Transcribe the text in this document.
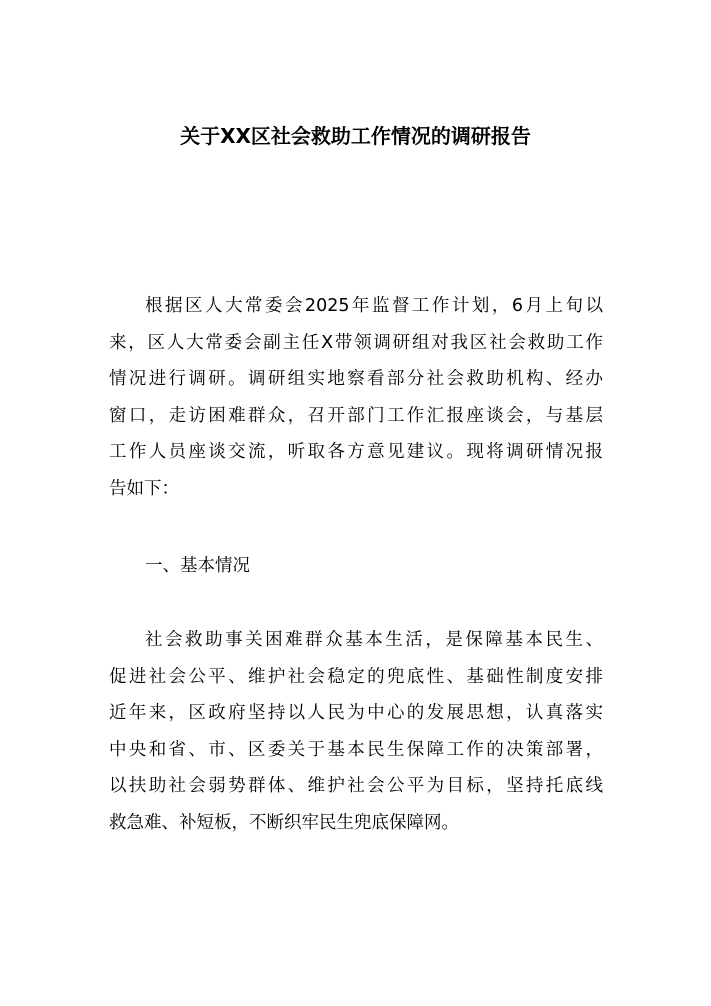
关于XX区社会救助工作情况的调研报告
根据区人大常委会2025年监督工作计划，6月上旬以
来，区人大常委会副主任X带领调研组对我区社会救助工作
情况进行调研。调研组实地察看部分社会救助机构、经办
窗口，走访困难群众，召开部门工作汇报座谈会，与基层
工作人员座谈交流，听取各方意见建议。现将调研情况报
告如下：
一、基本情况
社会救助事关困难群众基本生活，是保障基本民生、
促进社会公平、维护社会稳定的兜底性、基础性制度安排
近年来，区政府坚持以人民为中心的发展思想，认真落实
中央和省、市、区委关于基本民生保障工作的决策部署，
以扶助社会弱势群体、维护社会公平为目标，坚持托底线
救急难、补短板，不断织牢民生兜底保障网。
